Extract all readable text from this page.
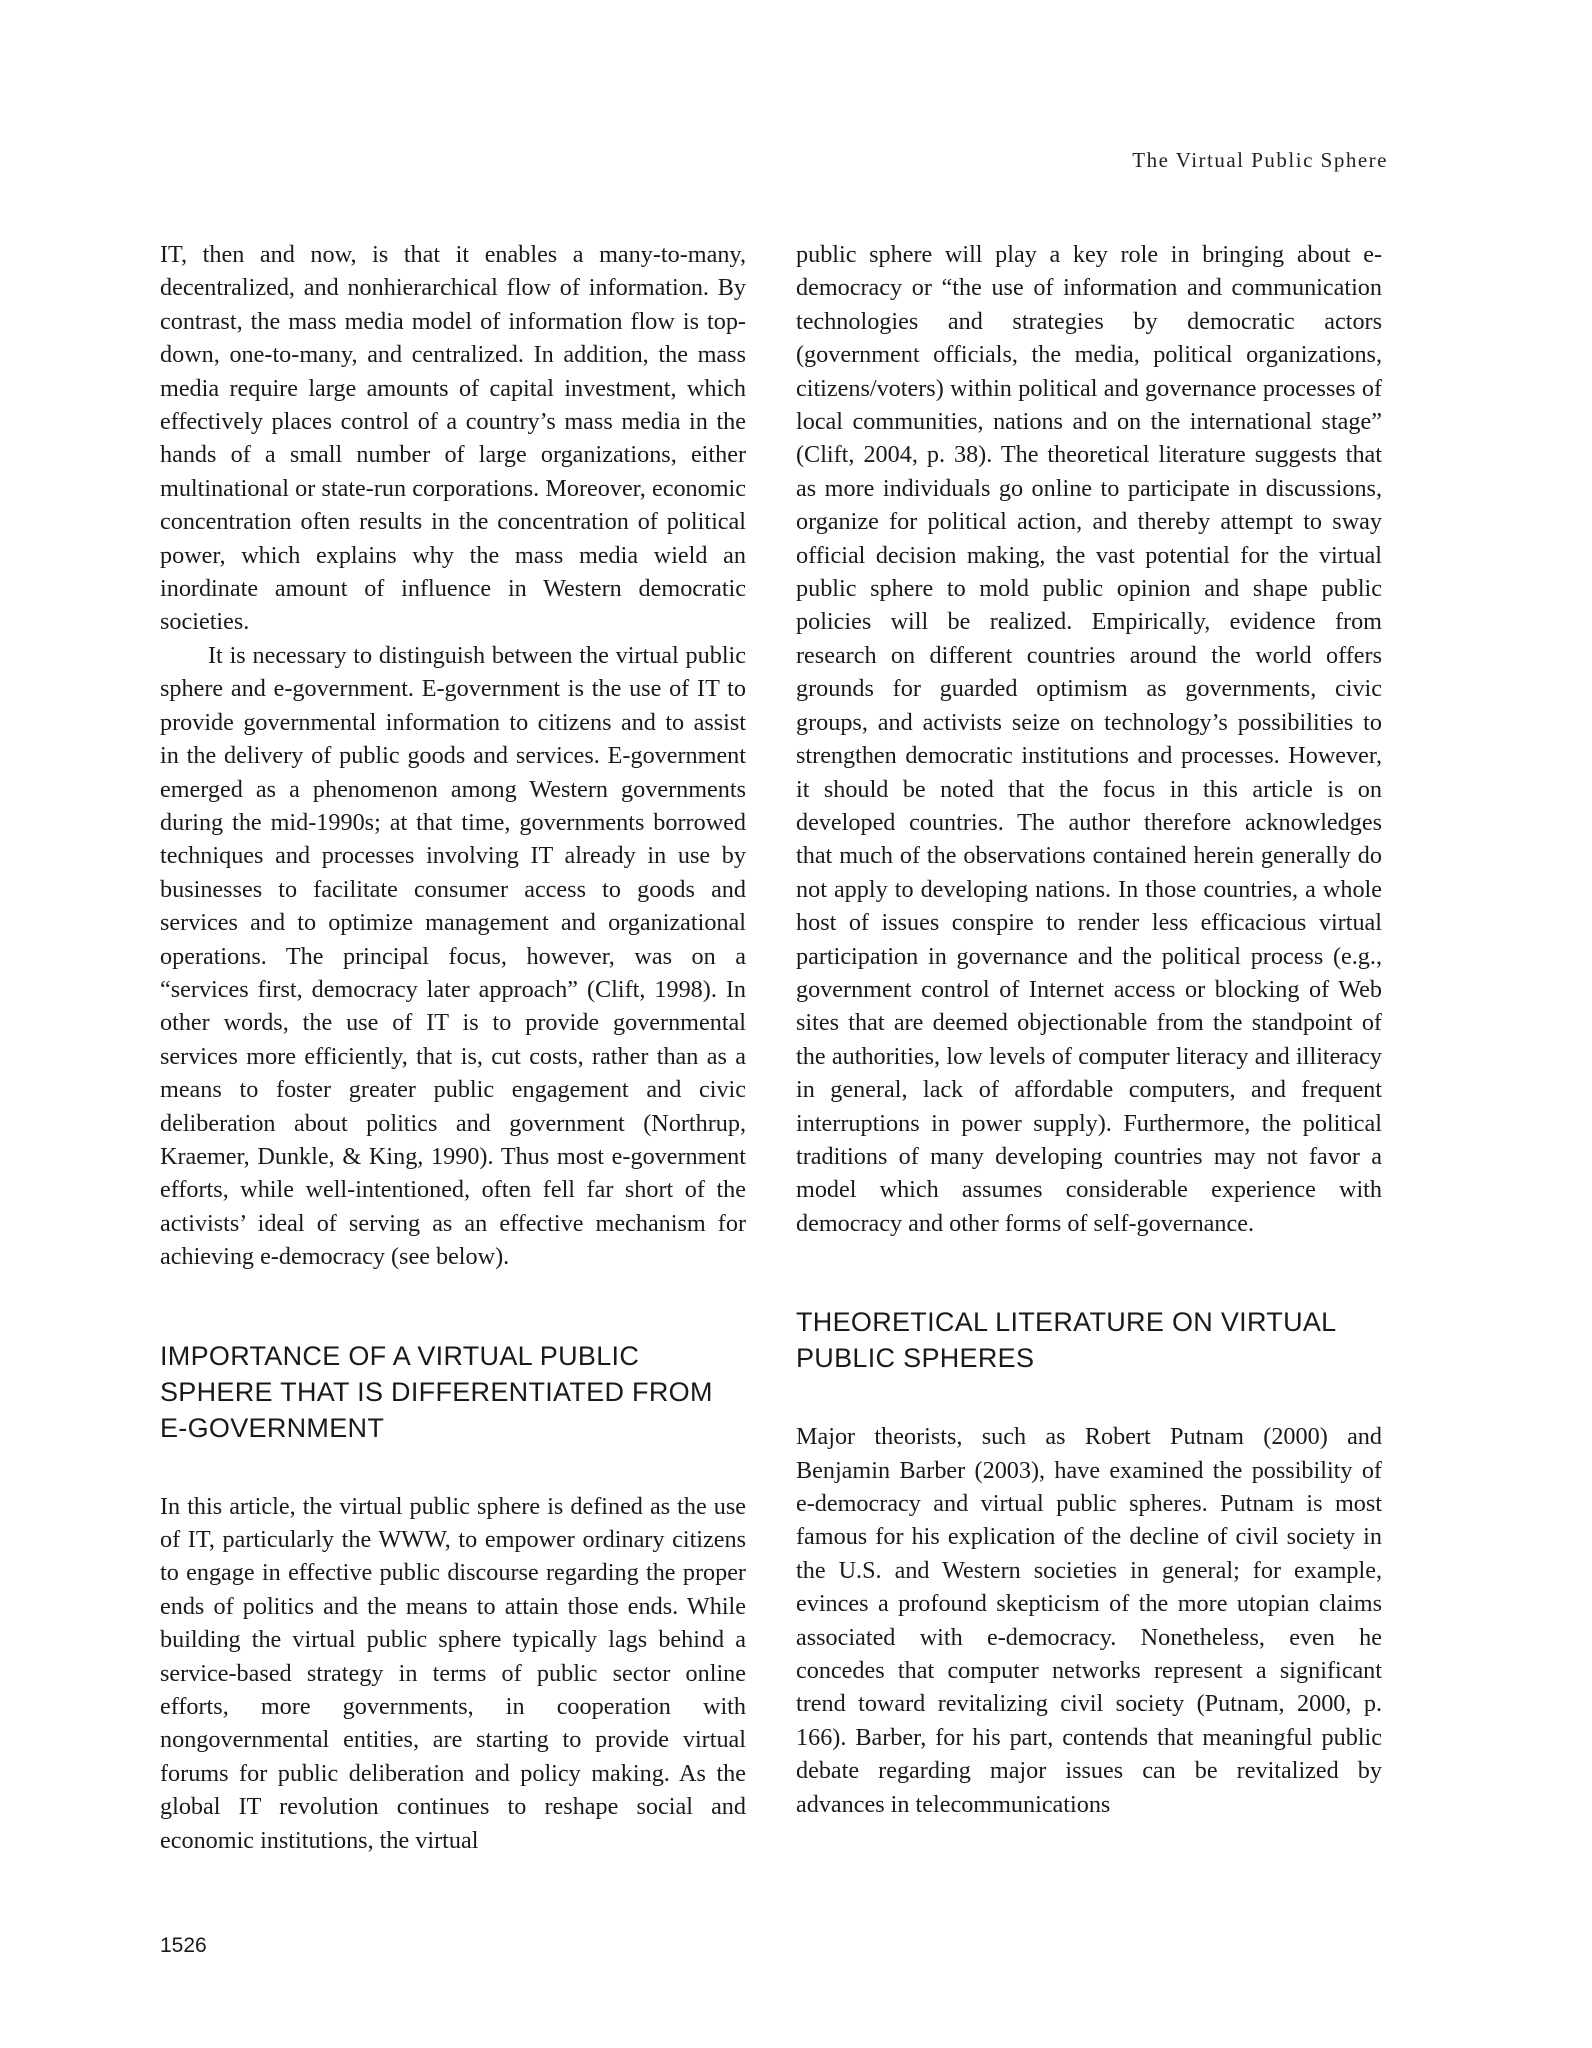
The Virtual Public Sphere

IT, then and now, is that it enables a many-to-many, decentralized, and nonhierarchical flow of information. By contrast, the mass media model of information flow is top-down, one-to-many, and centralized. In addition, the mass media require large amounts of capital investment, which effectively places control of a country’s mass media in the hands of a small number of large organizations, either multinational or state-run corporations. Moreover, economic concentration often results in the concentration of political power, which explains why the mass media wield an inordinate amount of influence in Western democratic societies.

It is necessary to distinguish between the virtual public sphere and e-government. E-government is the use of IT to provide governmental information to citizens and to assist in the delivery of public goods and services. E-government emerged as a phenomenon among Western governments during the mid-1990s; at that time, governments borrowed techniques and processes involving IT already in use by businesses to facilitate consumer access to goods and services and to optimize management and organizational operations. The principal focus, however, was on a “services first, democracy later approach” (Clift, 1998). In other words, the use of IT is to provide governmental services more efficiently, that is, cut costs, rather than as a means to foster greater public engagement and civic deliberation about politics and government (Northrup, Kraemer, Dunkle, & King, 1990). Thus most e-government efforts, while well-intentioned, often fell far short of the activists’ ideal of serving as an effective mechanism for achieving e-democracy (see below).

IMPORTANCE OF A VIRTUAL PUBLIC SPHERE THAT IS DIFFERENTIATED FROM E-GOVERNMENT

In this article, the virtual public sphere is defined as the use of IT, particularly the WWW, to empower ordinary citizens to engage in effective public discourse regarding the proper ends of politics and the means to attain those ends. While building the virtual public sphere typically lags behind a service-based strategy in terms of public sector online efforts, more governments, in cooperation with nongovernmental entities, are starting to provide virtual forums for public deliberation and policy making. As the global IT revolution continues to reshape social and economic institutions, the virtual

public sphere will play a key role in bringing about e-democracy or “the use of information and communication technologies and strategies by democratic actors (government officials, the media, political organizations, citizens/voters) within political and governance processes of local communities, nations and on the international stage” (Clift, 2004, p. 38). The theoretical literature suggests that as more individuals go online to participate in discussions, organize for political action, and thereby attempt to sway official decision making, the vast potential for the virtual public sphere to mold public opinion and shape public policies will be realized. Empirically, evidence from research on different countries around the world offers grounds for guarded optimism as governments, civic groups, and activists seize on technology’s possibilities to strengthen democratic institutions and processes. However, it should be noted that the focus in this article is on developed countries. The author therefore acknowledges that much of the observations contained herein generally do not apply to developing nations. In those countries, a whole host of issues conspire to render less efficacious virtual participation in governance and the political process (e.g., government control of Internet access or blocking of Web sites that are deemed objectionable from the standpoint of the authorities, low levels of computer literacy and illiteracy in general, lack of affordable computers, and frequent interruptions in power supply). Furthermore, the political traditions of many developing countries may not favor a model which assumes considerable experience with democracy and other forms of self-governance.

THEORETICAL LITERATURE ON VIRTUAL PUBLIC SPHERES

Major theorists, such as Robert Putnam (2000) and Benjamin Barber (2003), have examined the possibility of e-democracy and virtual public spheres. Putnam is most famous for his explication of the decline of civil society in the U.S. and Western societies in general; for example, evinces a profound skepticism of the more utopian claims associated with e-democracy. Nonetheless, even he concedes that computer networks represent a significant trend toward revitalizing civil society (Putnam, 2000, p. 166). Barber, for his part, contends that meaningful public debate regarding major issues can be revitalized by advances in telecommunications

1526
